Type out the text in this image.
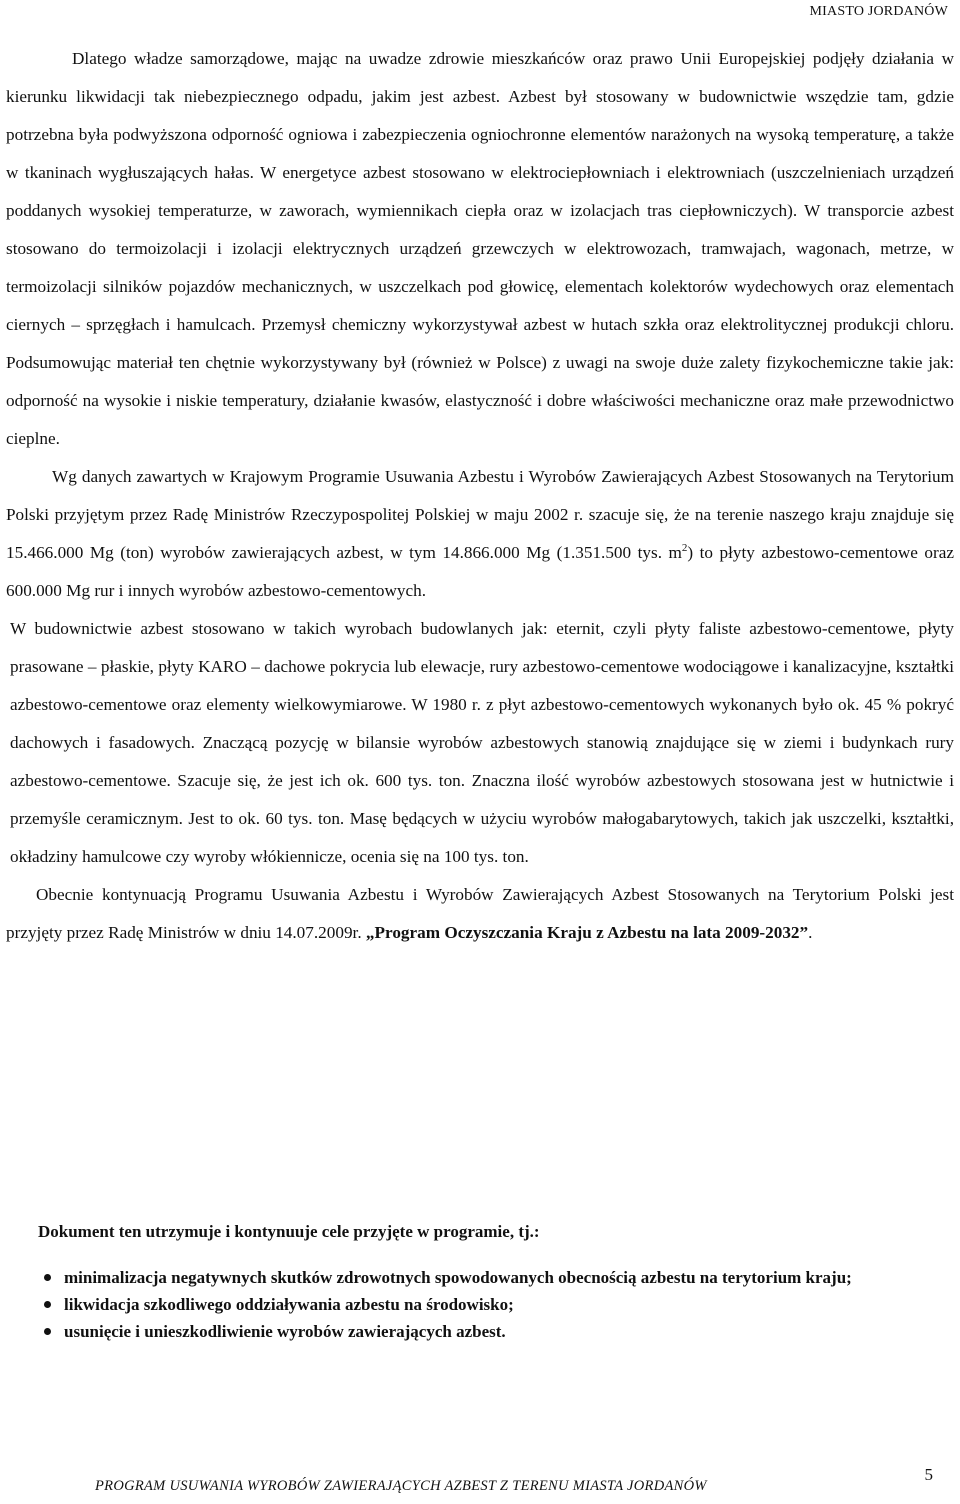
MIASTO JORDANÓW

Dlatego władze samorządowe, mając na uwadze zdrowie mieszkańców oraz prawo Unii Europejskiej podjęły działania w kierunku likwidacji tak niebezpiecznego odpadu, jakim jest azbest. Azbest był stosowany w budownictwie wszędzie tam, gdzie potrzebna była podwyższona odporność ogniowa i zabezpieczenia ogniochronne elementów narażonych na wysoką temperaturę, a także w tkaninach wygłuszających hałas. W energetyce azbest stosowano w elektrociepłowniach i elektrowniach (uszczelnieniach urządzeń poddanych wysokiej temperaturze, w zaworach, wymiennikach ciepła oraz w izolacjach tras ciepłowniczych). W transporcie azbest stosowano do termoizolacji i izolacji elektrycznych urządzeń grzewczych w elektrowozach, tramwajach, wagonach, metrze, w termoizolacji silników pojazdów mechanicznych, w uszczelkach pod głowicę, elementach kolektorów wydechowych oraz elementach ciernych – sprzęgłach i hamulcach. Przemysł chemiczny wykorzystywał azbest w hutach szkła oraz elektrolitycznej produkcji chloru. Podsumowując materiał ten chętnie wykorzystywany był (również w Polsce) z uwagi na swoje duże zalety fizykochemiczne takie jak: odporność na wysokie i niskie temperatury, działanie kwasów, elastyczność i dobre właściwości mechaniczne oraz małe przewodnictwo cieplne.

Wg danych zawartych w Krajowym Programie Usuwania Azbestu i Wyrobów Zawierających Azbest Stosowanych na Terytorium Polski przyjętym przez Radę Ministrów Rzeczypospolitej Polskiej w maju 2002 r. szacuje się, że na terenie naszego kraju znajduje się 15.466.000 Mg (ton) wyrobów zawierających azbest, w tym 14.866.000 Mg (1.351.500 tys. $m^2$) to płyty azbestowo-cementowe oraz 600.000 Mg rur i innych wyrobów azbestowo-cementowych.

W budownictwie azbest stosowano w takich wyrobach budowlanych jak: eternit, czyli płyty faliste azbestowo-cementowe, płyty prasowane – płaskie, płyty KARO – dachowe pokrycia lub elewacje, rury azbestowo-cementowe wodociągowe i kanalizacyjne, kształtki azbestowo-cementowe oraz elementy wielkowymiarowe. W 1980 r. z płyt azbestowo-cementowych wykonanych było ok. 45 % pokryć dachowych i fasadowych. Znaczącą pozycję w bilansie wyrobów azbestowych stanowią znajdujące się w ziemi i budynkach rury azbestowo-cementowe. Szacuje się, że jest ich ok. 600 tys. ton. Znaczna ilość wyrobów azbestowych stosowana jest w hutnictwie i przemyśle ceramicznym. Jest to ok. 60 tys. ton. Masę będących w użyciu wyrobów małogabarytowych, takich jak uszczelki, kształtki, okładziny hamulcowe czy wyroby włókiennicze, ocenia się na 100 tys. ton.

Obecnie kontynuacją Programu Usuwania Azbestu i Wyrobów Zawierających Azbest Stosowanych na Terytorium Polski jest przyjęty przez Radę Ministrów w dniu 14.07.2009r. „Program Oczyszczania Kraju z Azbestu na lata 2009-2032”.

Dokument ten utrzymuje i kontynuuje cele przyjęte w programie, tj.:
minimalizacja negatywnych skutków zdrowotnych spowodowanych obecnością azbestu na terytorium kraju;
likwidacja szkodliwego oddziaływania azbestu na środowisko;
usunięcie i unieszkodliwienie wyrobów zawierających azbest.
PROGRAM USUWANIA WYROBÓW ZAWIERAJĄCYCH AZBEST Z TERENU MIASTA JORDANÓW
5
